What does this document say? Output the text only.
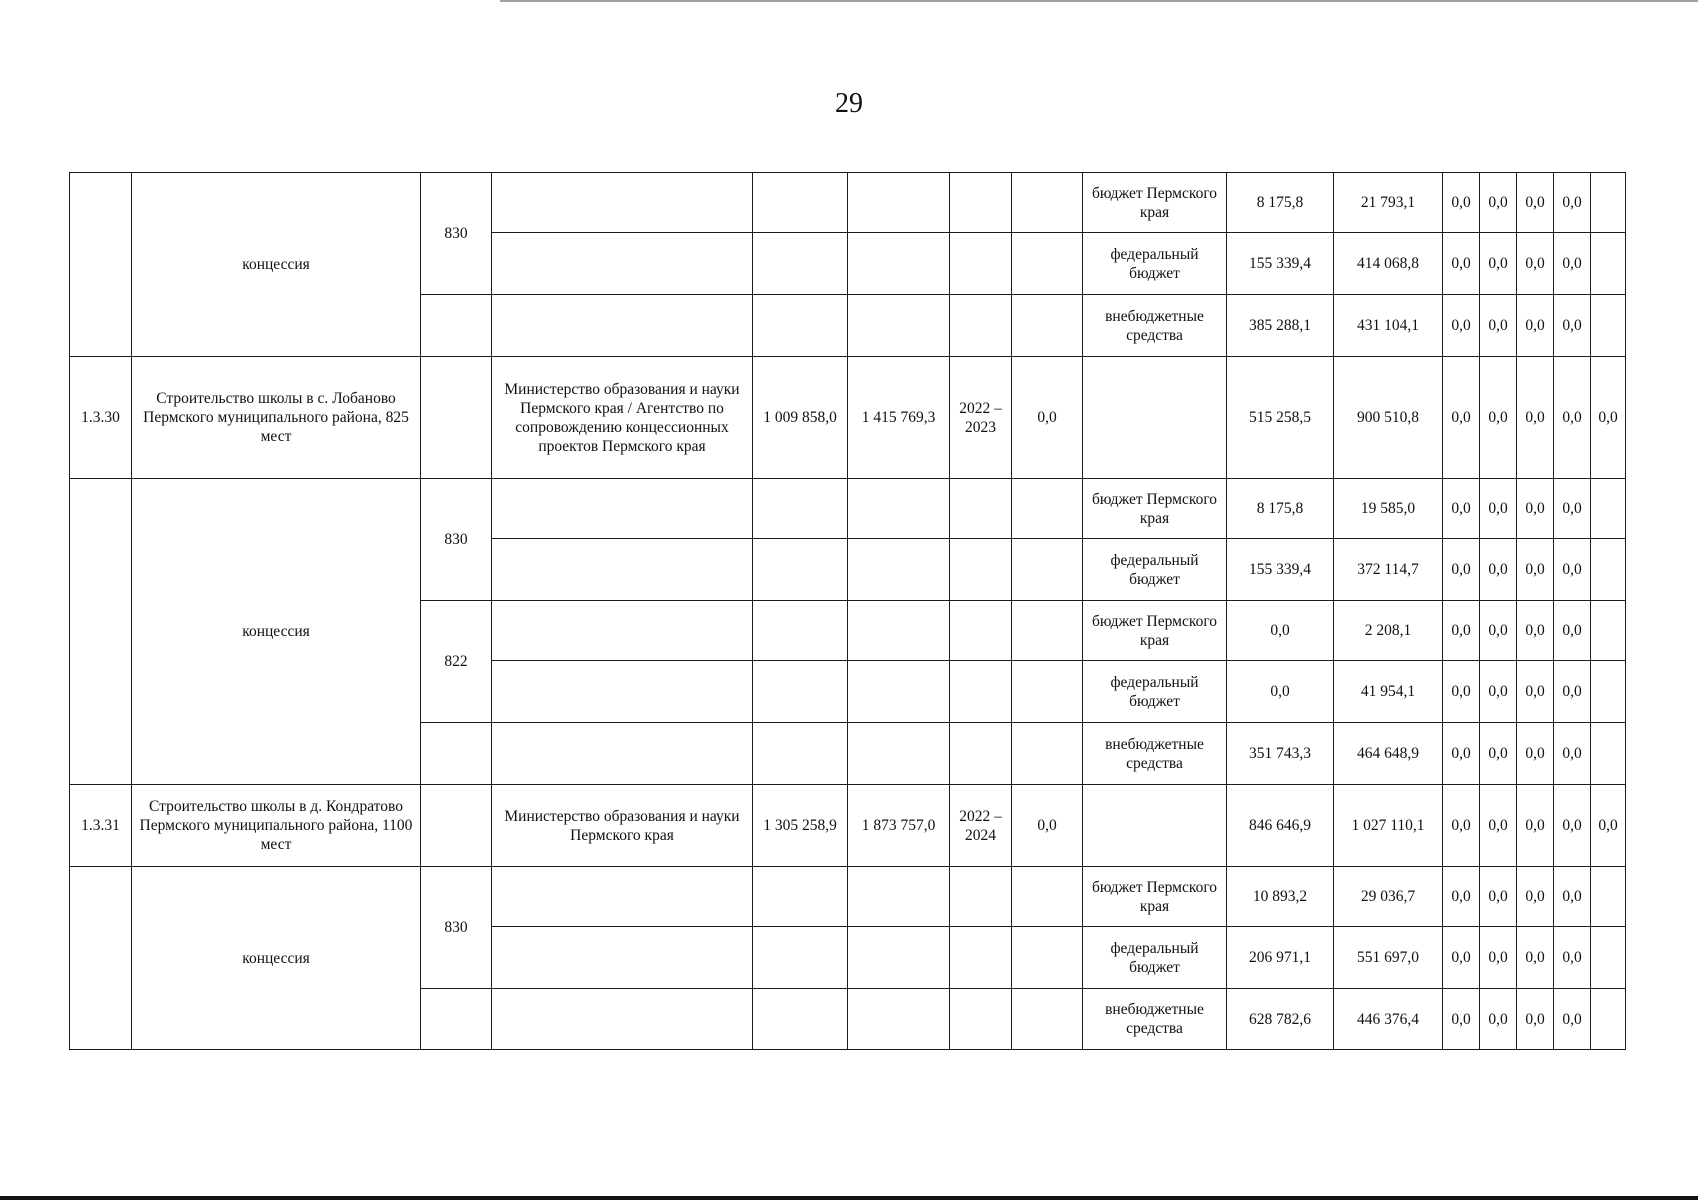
29
	концессия	830						бюджет Пермского края	8 175,8	21 793,1	0,0	0,0	0,0	0,0	
								федеральный бюджет	155 339,4	414 068,8	0,0	0,0	0,0	0,0	
								внебюджетные средства	385 288,1	431 104,1	0,0	0,0	0,0	0,0	
1.3.30	Строительство школы в с. Лобаново Пермского муниципального района, 825 мест		Министерство образования и науки Пермского края / Агентство по сопровождению концессионных проектов Пермского края	1 009 858,0	1 415 769,3	2022 – 2023	0,0		515 258,5	900 510,8	0,0	0,0	0,0	0,0	0,0
	концессия	830						бюджет Пермского края	8 175,8	19 585,0	0,0	0,0	0,0	0,0	
								федеральный бюджет	155 339,4	372 114,7	0,0	0,0	0,0	0,0	
		822						бюджет Пермского края	0,0	2 208,1	0,0	0,0	0,0	0,0	
								федеральный бюджет	0,0	41 954,1	0,0	0,0	0,0	0,0	
								внебюджетные средства	351 743,3	464 648,9	0,0	0,0	0,0	0,0	
1.3.31	Строительство школы в д. Кондратово Пермского муниципального района, 1100 мест		Министерство образования и науки Пермского края	1 305 258,9	1 873 757,0	2022 – 2024	0,0		846 646,9	1 027 110,1	0,0	0,0	0,0	0,0	0,0
	концессия	830						бюджет Пермского края	10 893,2	29 036,7	0,0	0,0	0,0	0,0	
								федеральный бюджет	206 971,1	551 697,0	0,0	0,0	0,0	0,0	
								внебюджетные средства	628 782,6	446 376,4	0,0	0,0	0,0	0,0	
